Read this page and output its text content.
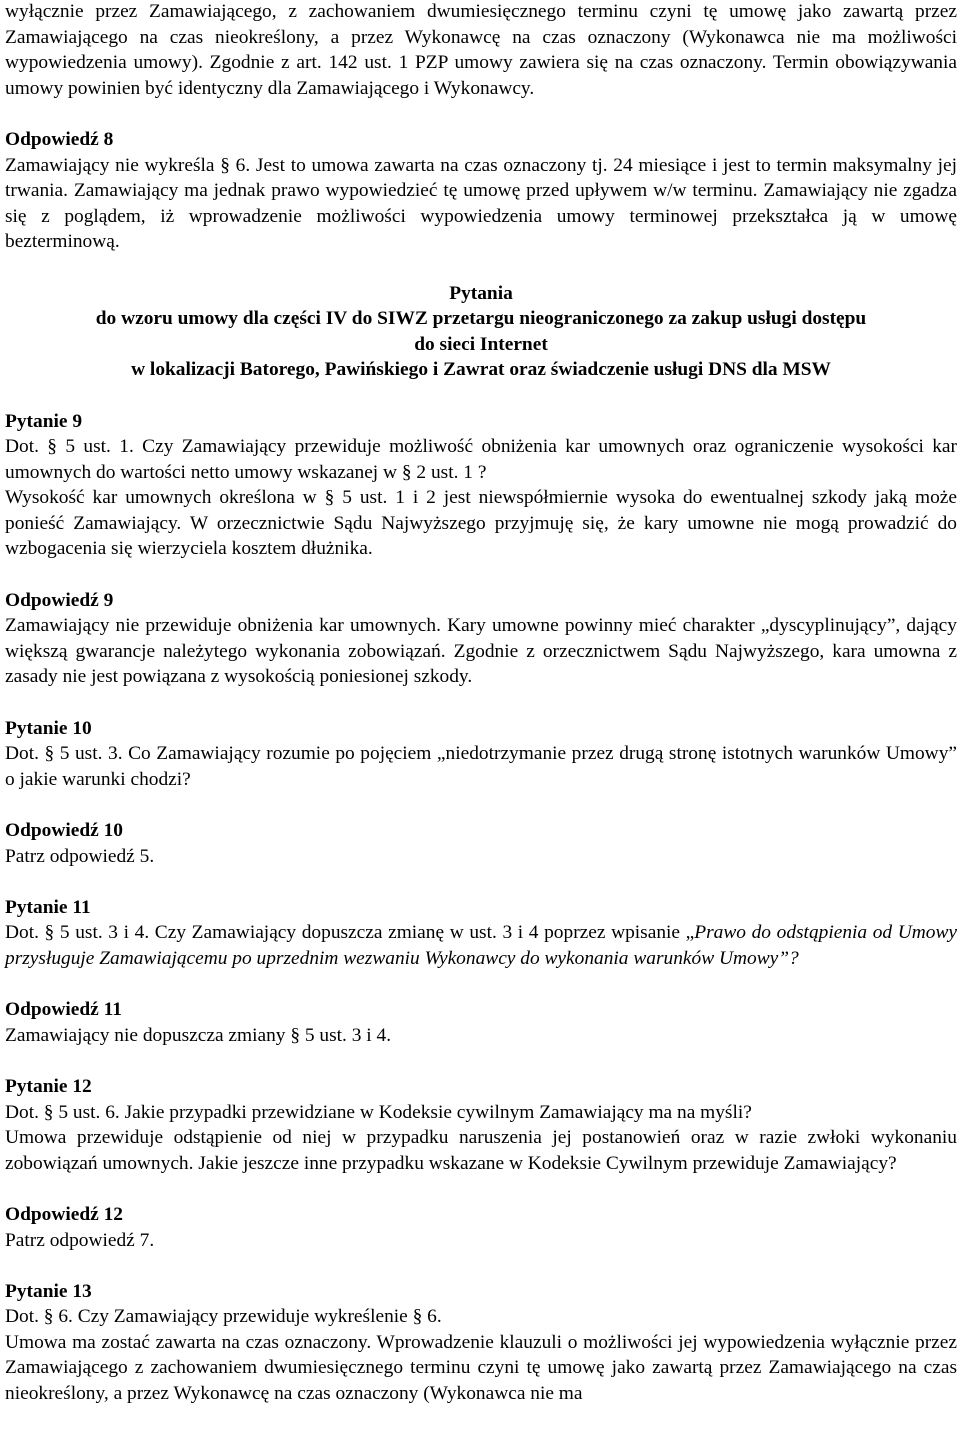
wyłącznie przez Zamawiającego, z zachowaniem dwumiesięcznego terminu czyni tę umowę jako zawartą przez Zamawiającego na czas nieokreślony, a przez Wykonawcę na czas oznaczony (Wykonawca nie ma możliwości wypowiedzenia umowy). Zgodnie z art. 142 ust. 1 PZP umowy zawiera się na czas oznaczony. Termin obowiązywania umowy powinien być identyczny dla Zamawiającego i Wykonawcy.

Odpowiedź 8

Zamawiający nie wykreśla § 6. Jest to umowa zawarta na czas oznaczony tj. 24 miesiące i jest to termin maksymalny jej trwania. Zamawiający ma jednak prawo wypowiedzieć tę umowę przed upływem w/w terminu. Zamawiający nie zgadza się z poglądem, iż wprowadzenie możliwości wypowiedzenia umowy terminowej przekształca ją w umowę bezterminową.

Pytania

do wzoru umowy dla części IV do SIWZ przetargu nieograniczonego za zakup usługi dostępu

do sieci Internet

w lokalizacji Batorego, Pawińskiego i Zawrat oraz świadczenie usługi DNS dla MSW

Pytanie 9

Dot. § 5 ust. 1. Czy Zamawiający przewiduje możliwość obniżenia kar umownych oraz ograniczenie wysokości kar umownych do wartości netto umowy wskazanej w § 2 ust. 1 ?

Wysokość kar umownych określona w § 5 ust. 1 i 2 jest niewspółmiernie wysoka do ewentualnej szkody jaką może ponieść Zamawiający. W orzecznictwie Sądu Najwyższego przyjmuję się, że kary umowne nie mogą prowadzić do wzbogacenia się wierzyciela kosztem dłużnika.

Odpowiedź 9

Zamawiający nie przewiduje obniżenia kar umownych. Kary umowne powinny mieć charakter „dyscyplinujący”, dający większą gwarancje należytego wykonania zobowiązań. Zgodnie z orzecznictwem Sądu Najwyższego, kara umowna z zasady nie jest powiązana z wysokością poniesionej szkody.

Pytanie 10

Dot. § 5 ust. 3. Co Zamawiający rozumie po pojęciem „niedotrzymanie przez drugą stronę istotnych warunków Umowy” o jakie warunki chodzi?

Odpowiedź 10

Patrz odpowiedź 5.

Pytanie 11

Dot. § 5 ust. 3 i 4. Czy Zamawiający dopuszcza zmianę w ust. 3 i 4 poprzez wpisanie „Prawo do odstąpienia od Umowy przysługuje Zamawiającemu po uprzednim wezwaniu Wykonawcy do wykonania warunków Umowy”?

Odpowiedź 11

Zamawiający nie dopuszcza zmiany § 5 ust. 3 i 4.

Pytanie 12

Dot. § 5 ust. 6. Jakie przypadki przewidziane w Kodeksie cywilnym Zamawiający ma na myśli?

Umowa przewiduje odstąpienie od niej w przypadku naruszenia jej postanowień oraz w razie zwłoki wykonaniu zobowiązań umownych. Jakie jeszcze inne przypadku wskazane w Kodeksie Cywilnym przewiduje Zamawiający?

Odpowiedź 12

Patrz odpowiedź 7.

Pytanie 13

Dot. § 6. Czy Zamawiający przewiduje wykreślenie § 6.

Umowa ma zostać zawarta na czas oznaczony. Wprowadzenie klauzuli o możliwości jej wypowiedzenia wyłącznie przez Zamawiającego z zachowaniem dwumiesięcznego terminu czyni tę umowę jako zawartą przez Zamawiającego na czas nieokreślony, a przez Wykonawcę na czas oznaczony (Wykonawca nie ma
